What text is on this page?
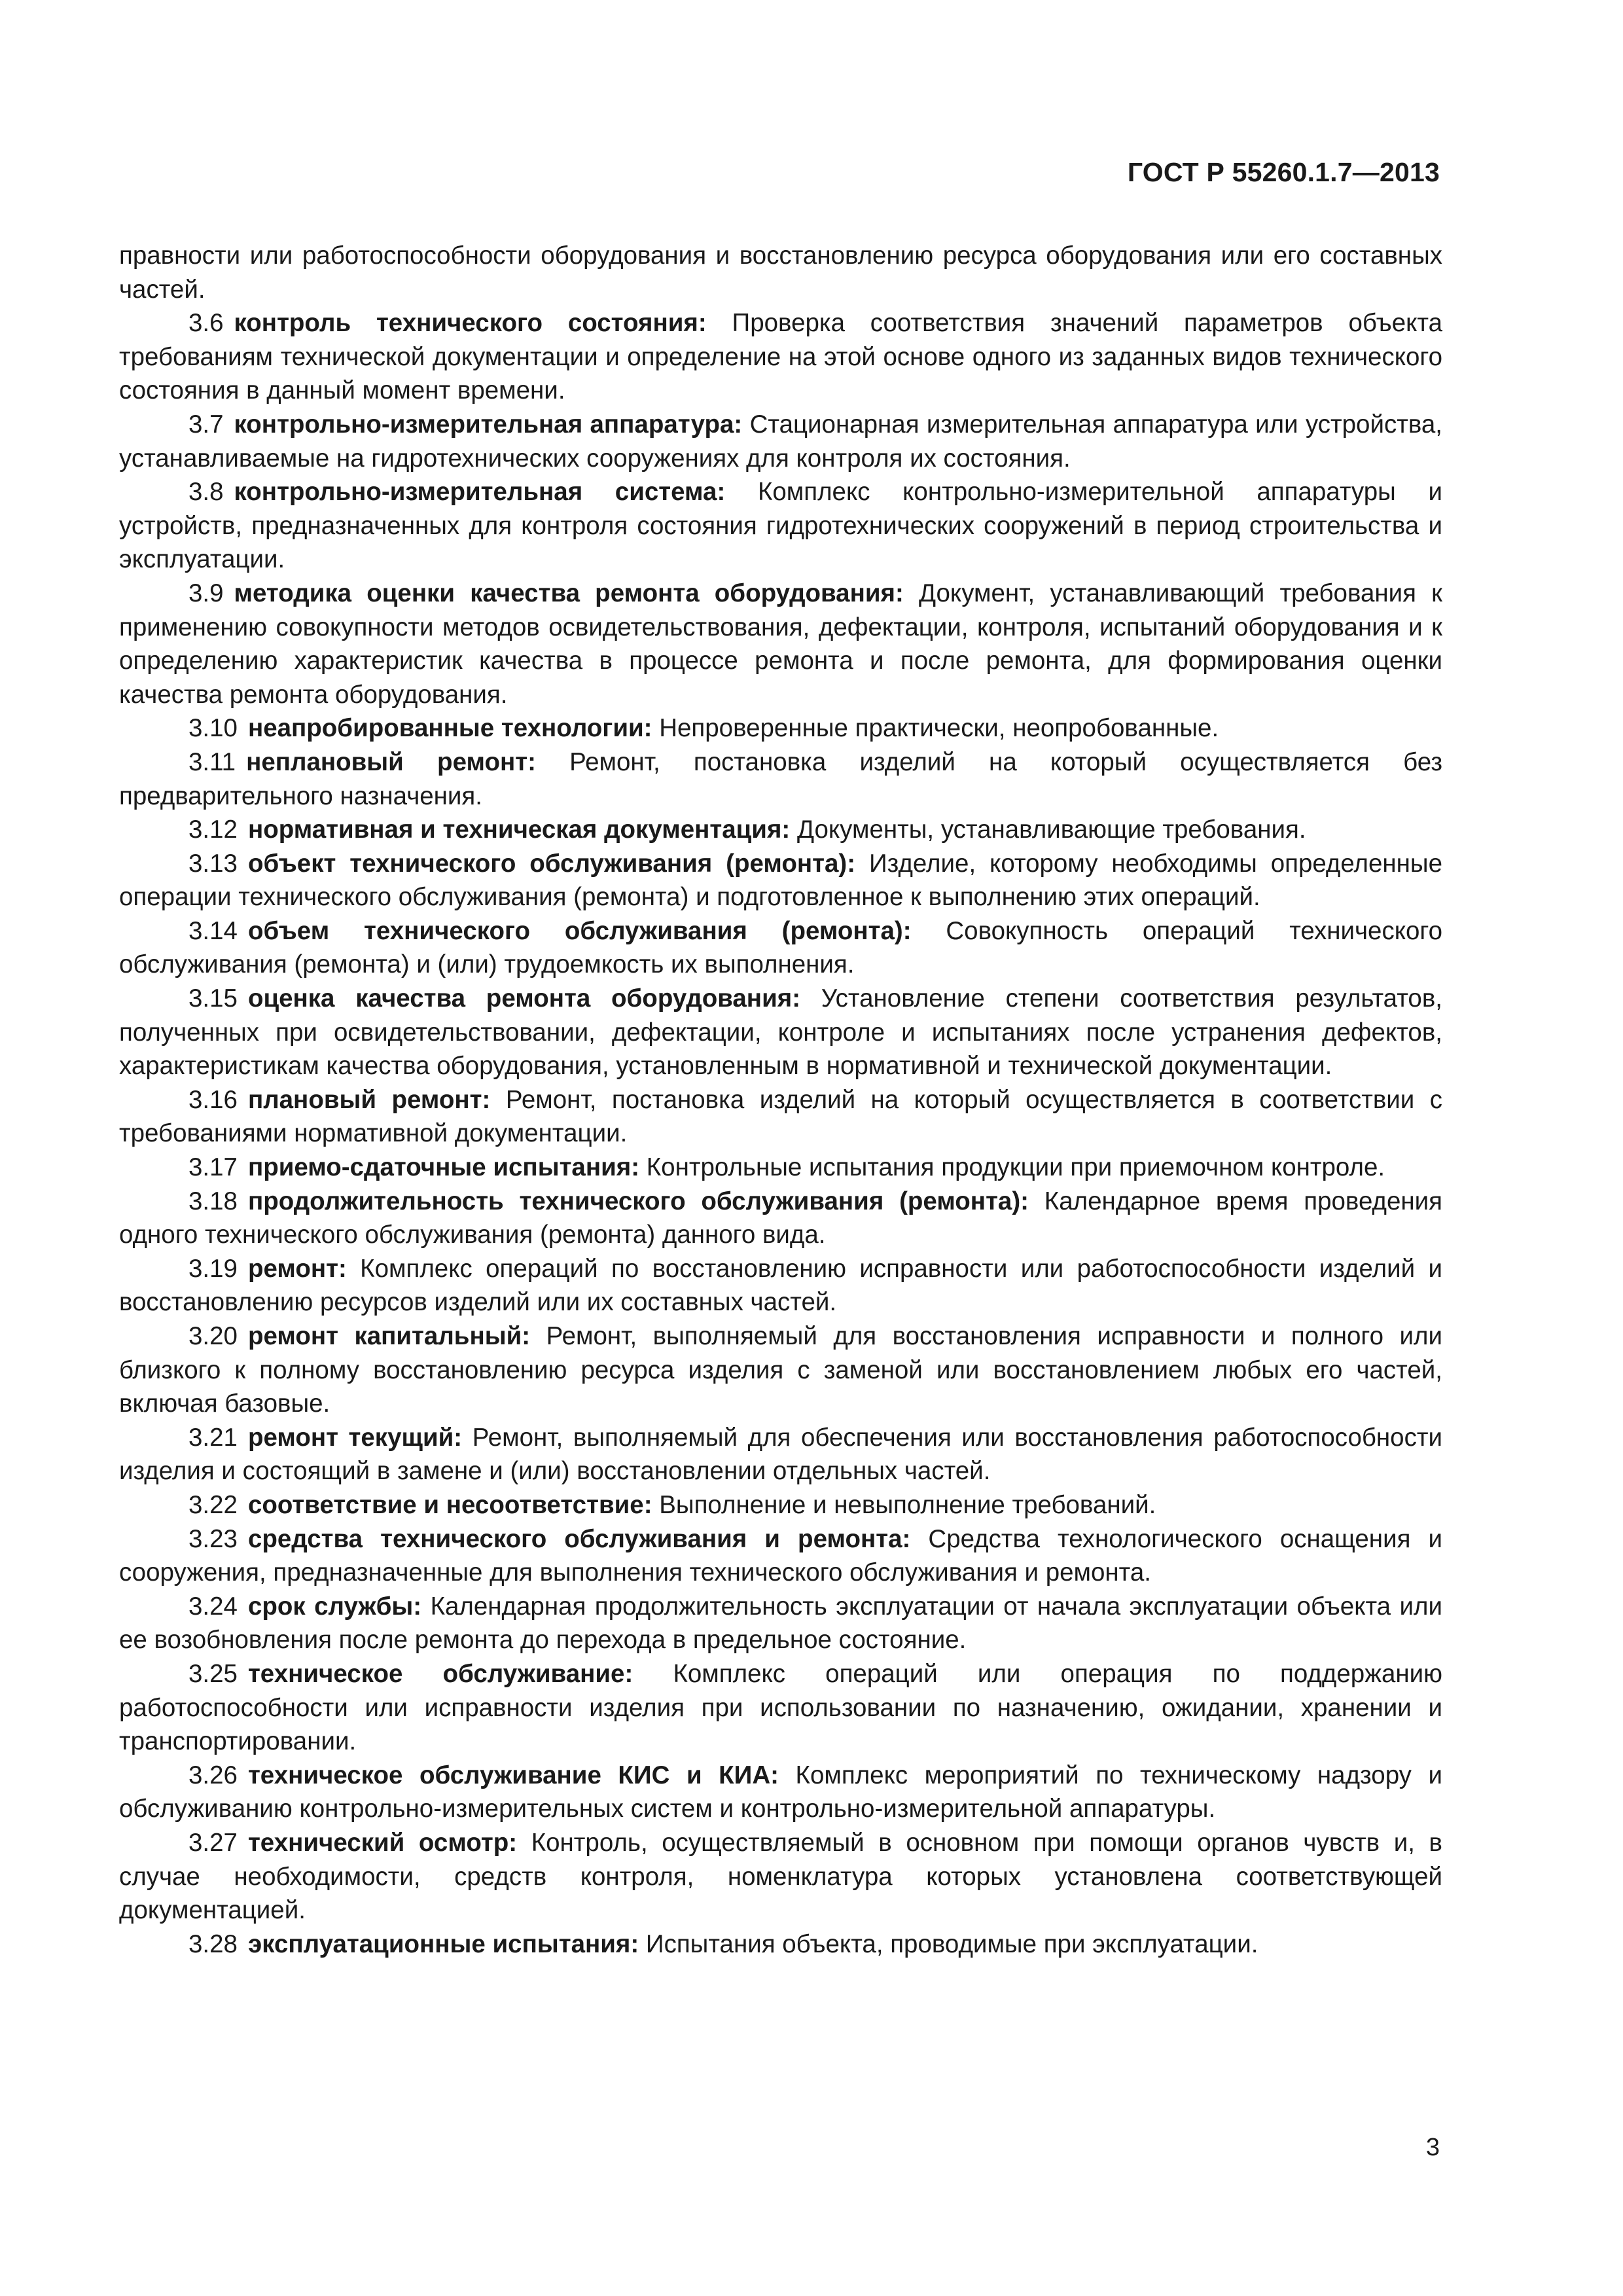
ГОСТ Р 55260.1.7—2013

правности или работоспособности оборудования и восстановлению ресурса оборудования или его составных частей.

3.6 контроль технического состояния: Проверка соответствия значений параметров объекта требованиям технической документации и определение на этой основе одного из заданных видов технического состояния в данный момент времени.

3.7 контрольно-измерительная аппаратура: Стационарная измерительная аппаратура или устройства, устанавливаемые на гидротехнических сооружениях для контроля их состояния.

3.8 контрольно-измерительная система: Комплекс контрольно-измерительной аппаратуры и устройств, предназначенных для контроля состояния гидротехнических сооружений в период строительства и эксплуатации.

3.9 методика оценки качества ремонта оборудования: Документ, устанавливающий требования к применению совокупности методов освидетельствования, дефектации, контроля, испытаний оборудования и к определению характеристик качества в процессе ремонта и после ремонта, для формирования оценки качества ремонта оборудования.

3.10 неапробированные технологии: Непроверенные практически, неопробованные.

3.11 неплановый ремонт: Ремонт, постановка изделий на который осуществляется без предварительного назначения.

3.12 нормативная и техническая документация: Документы, устанавливающие требования.

3.13 объект технического обслуживания (ремонта): Изделие, которому необходимы определенные операции технического обслуживания (ремонта) и подготовленное к выполнению этих операций.

3.14 объем технического обслуживания (ремонта): Совокупность операций технического обслуживания (ремонта) и (или) трудоемкость их выполнения.

3.15 оценка качества ремонта оборудования: Установление степени соответствия результатов, полученных при освидетельствовании, дефектации, контроле и испытаниях после устранения дефектов, характеристикам качества оборудования, установленным в нормативной и технической документации.

3.16 плановый ремонт: Ремонт, постановка изделий на который осуществляется в соответствии с требованиями нормативной документации.

3.17 приемо-сдаточные испытания: Контрольные испытания продукции при приемочном контроле.

3.18 продолжительность технического обслуживания (ремонта): Календарное время проведения одного технического обслуживания (ремонта) данного вида.

3.19 ремонт: Комплекс операций по восстановлению исправности или работоспособности изделий и восстановлению ресурсов изделий или их составных частей.

3.20 ремонт капитальный: Ремонт, выполняемый для восстановления исправности и полного или близкого к полному восстановлению ресурса изделия с заменой или восстановлением любых его частей, включая базовые.

3.21 ремонт текущий: Ремонт, выполняемый для обеспечения или восстановления работоспособности изделия и состоящий в замене и (или) восстановлении отдельных частей.

3.22 соответствие и несоответствие: Выполнение и невыполнение требований.

3.23 средства технического обслуживания и ремонта: Средства технологического оснащения и сооружения, предназначенные для выполнения технического обслуживания и ремонта.

3.24 срок службы: Календарная продолжительность эксплуатации от начала эксплуатации объекта или ее возобновления после ремонта до перехода в предельное состояние.

3.25 техническое обслуживание: Комплекс операций или операция по поддержанию работоспособности или исправности изделия при использовании по назначению, ожидании, хранении и транспортировании.

3.26 техническое обслуживание КИС и КИА: Комплекс мероприятий по техническому надзору и обслуживанию контрольно-измерительных систем и контрольно-измерительной аппаратуры.

3.27 технический осмотр: Контроль, осуществляемый в основном при помощи органов чувств и, в случае необходимости, средств контроля, номенклатура которых установлена соответствующей документацией.

3.28 эксплуатационные испытания: Испытания объекта, проводимые при эксплуатации.

3
